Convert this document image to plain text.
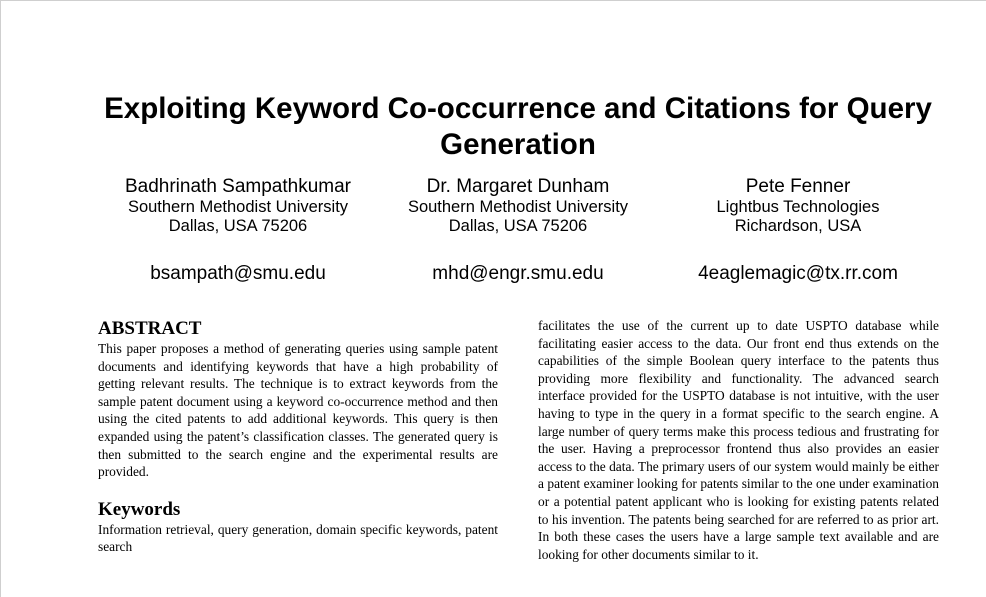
Exploiting Keyword Co-occurrence and Citations for Query Generation
Badhrinath Sampathkumar
Southern Methodist University
Dallas, USA 75206
bsampath@smu.edu
Dr. Margaret Dunham
Southern Methodist University
Dallas, USA 75206
mhd@engr.smu.edu
Pete Fenner
Lightbus Technologies
Richardson, USA
4eaglemagic@tx.rr.com
ABSTRACT

This paper proposes a method of generating queries using sample patent documents and identifying keywords that have a high probability of getting relevant results. The technique is to extract keywords from the sample patent document using a keyword co-occurrence method and then using the cited patents to add additional keywords. This query is then expanded using the patent’s classification classes. The generated query is then submitted to the search engine and the experimental results are provided.

Keywords

Information retrieval, query generation, domain specific keywords, patent search

facilitates the use of the current up to date USPTO database while facilitating easier access to the data. Our front end thus extends on the capabilities of the simple Boolean query interface to the patents thus providing more flexibility and functionality. The advanced search interface provided for the USPTO database is not intuitive, with the user having to type in the query in a format specific to the search engine. A large number of query terms make this process tedious and frustrating for the user. Having a preprocessor frontend thus also provides an easier access to the data. The primary users of our system would mainly be either a patent examiner looking for patents similar to the one under examination or a potential patent applicant who is looking for existing patents related to his invention. The patents being searched for are referred to as prior art. In both these cases the users have a large sample text available and are looking for other documents similar to it.
